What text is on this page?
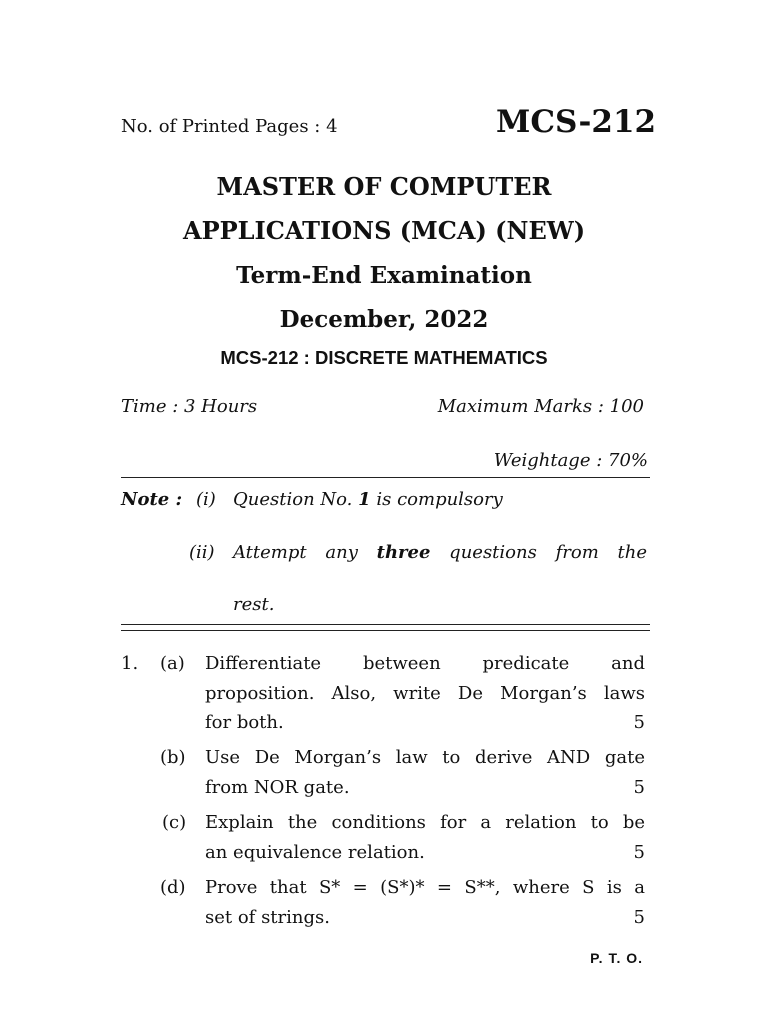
No. of Printed Pages : 4	MCS-212
MASTER OF COMPUTER
APPLICATIONS (MCA) (NEW)
Term-End Examination
December, 2022
MCS-212 : DISCRETE MATHEMATICS
Time : 3 Hours	Maximum Marks : 100
Weightage : 70%
Note : (i) Question No. 1 is compulsory
(ii) Attempt any three questions from the
rest.
1. (a) Differentiate between predicate and
proposition. Also, write De Morgan’s laws
for both.	5
(b) Use De Morgan’s law to derive AND gate
from NOR gate.	5
(c) Explain the conditions for a relation to be
an equivalence relation.	5
(d) Prove that S* = (S*)* = S**, where S is a
set of strings.	5
P. T. O.
